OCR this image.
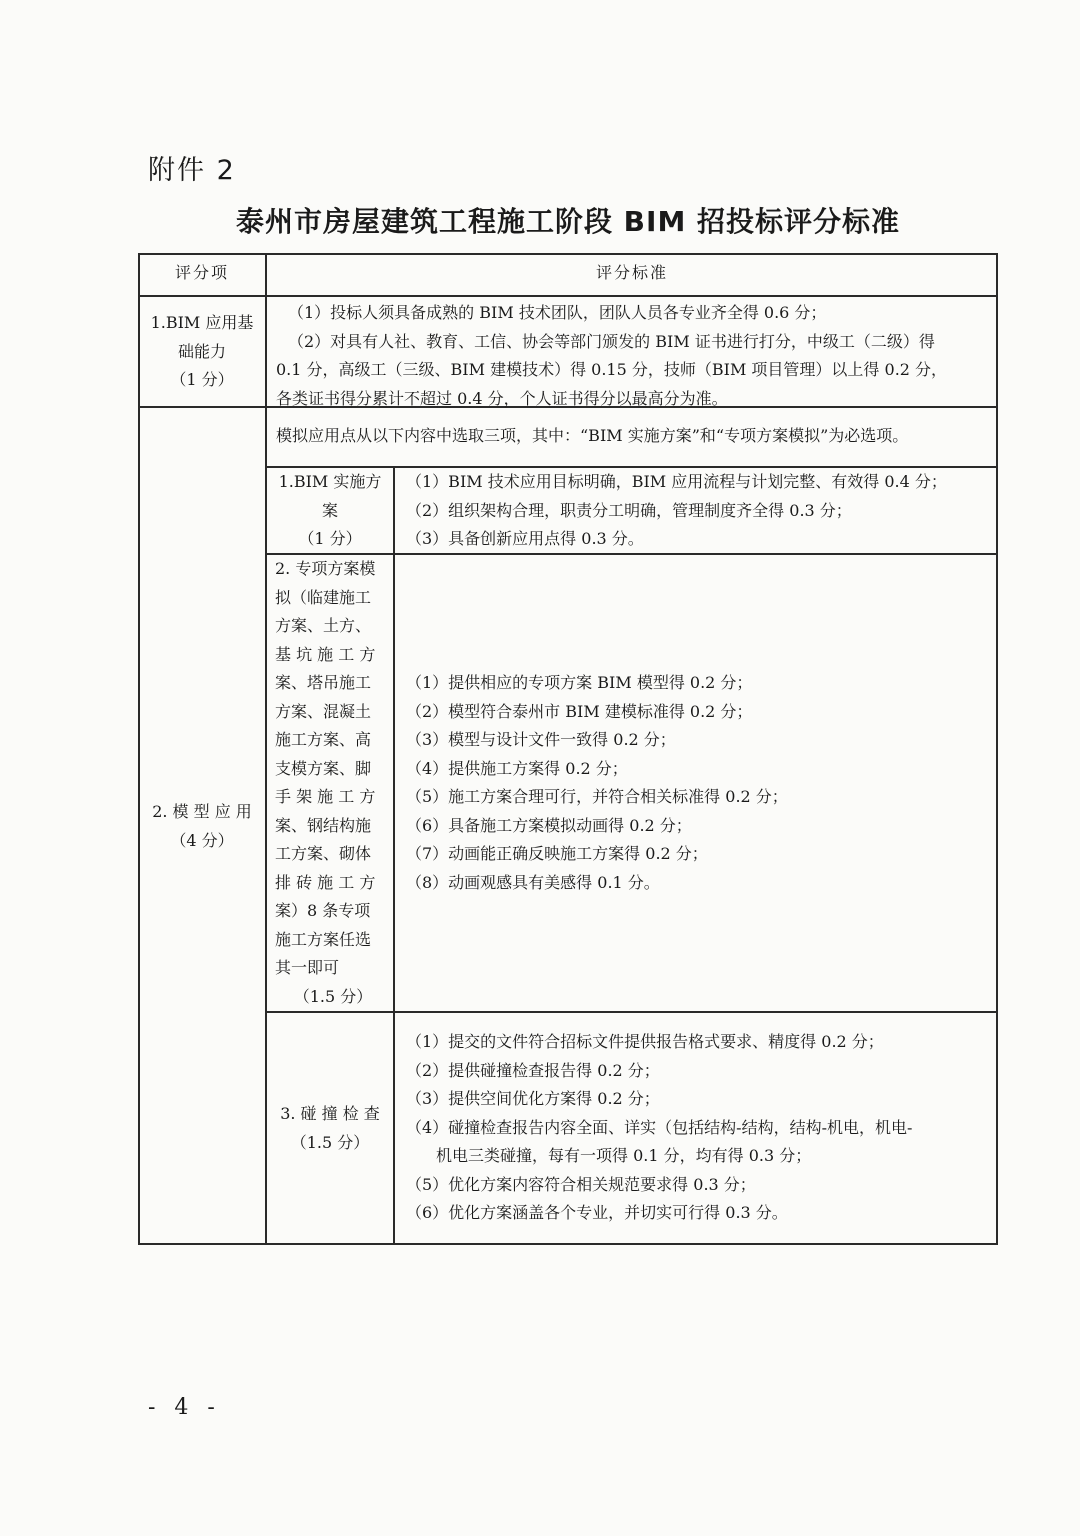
附件 2
泰州市房屋建筑工程施工阶段 BIM 招投标评分标准
评分项	评分标准
1.BIM 应用基
础能力
（1 分）
（1）投标人须具备成熟的 BIM 技术团队，团队人员各专业齐全得 0.6 分；
（2）对具有人社、教育、工信、协会等部门颁发的 BIM 证书进行打分，中级工（二级）得
0.1 分，高级工（三级、BIM 建模技术）得 0.15 分，技师（BIM 项目管理）以上得 0.2 分，
各类证书得分累计不超过 0.4 分，个人证书得分以最高分为准。
2. 模 型 应 用
（4 分）
模拟应用点从以下内容中选取三项，其中：“BIM 实施方案”和“专项方案模拟”为必选项。
1.BIM 实施方
案
（1 分）
（1）BIM 技术应用目标明确，BIM 应用流程与计划完整、有效得 0.4 分；
（2）组织架构合理，职责分工明确，管理制度齐全得 0.3 分；
（3）具备创新应用点得 0.3 分。
2. 专项方案模
拟（临建施工
方案、土方、
基 坑 施 工 方
案、塔吊施工
方案、混凝土
施工方案、高
支模方案、脚
手 架 施 工 方
案、钢结构施
工方案、砌体
排 砖 施 工 方
案）8 条专项
施工方案任选
其一即可
（1.5 分）
（1）提供相应的专项方案 BIM 模型得 0.2 分；
（2）模型符合泰州市 BIM 建模标准得 0.2 分；
（3）模型与设计文件一致得 0.2 分；
（4）提供施工方案得 0.2 分；
（5）施工方案合理可行，并符合相关标准得 0.2 分；
（6）具备施工方案模拟动画得 0.2 分；
（7）动画能正确反映施工方案得 0.2 分；
（8）动画观感具有美感得 0.1 分。
3. 碰 撞 检 查
（1.5 分）
（1）提交的文件符合招标文件提供报告格式要求、精度得 0.2 分；
（2）提供碰撞检查报告得 0.2 分；
（3）提供空间优化方案得 0.2 分；
（4）碰撞检查报告内容全面、详实（包括结构-结构，结构-机电，机电-
机电三类碰撞，每有一项得 0.1 分，均有得 0.3 分；
（5）优化方案内容符合相关规范要求得 0.3 分；
（6）优化方案涵盖各个专业，并切实可行得 0.3 分。
- 4 -
